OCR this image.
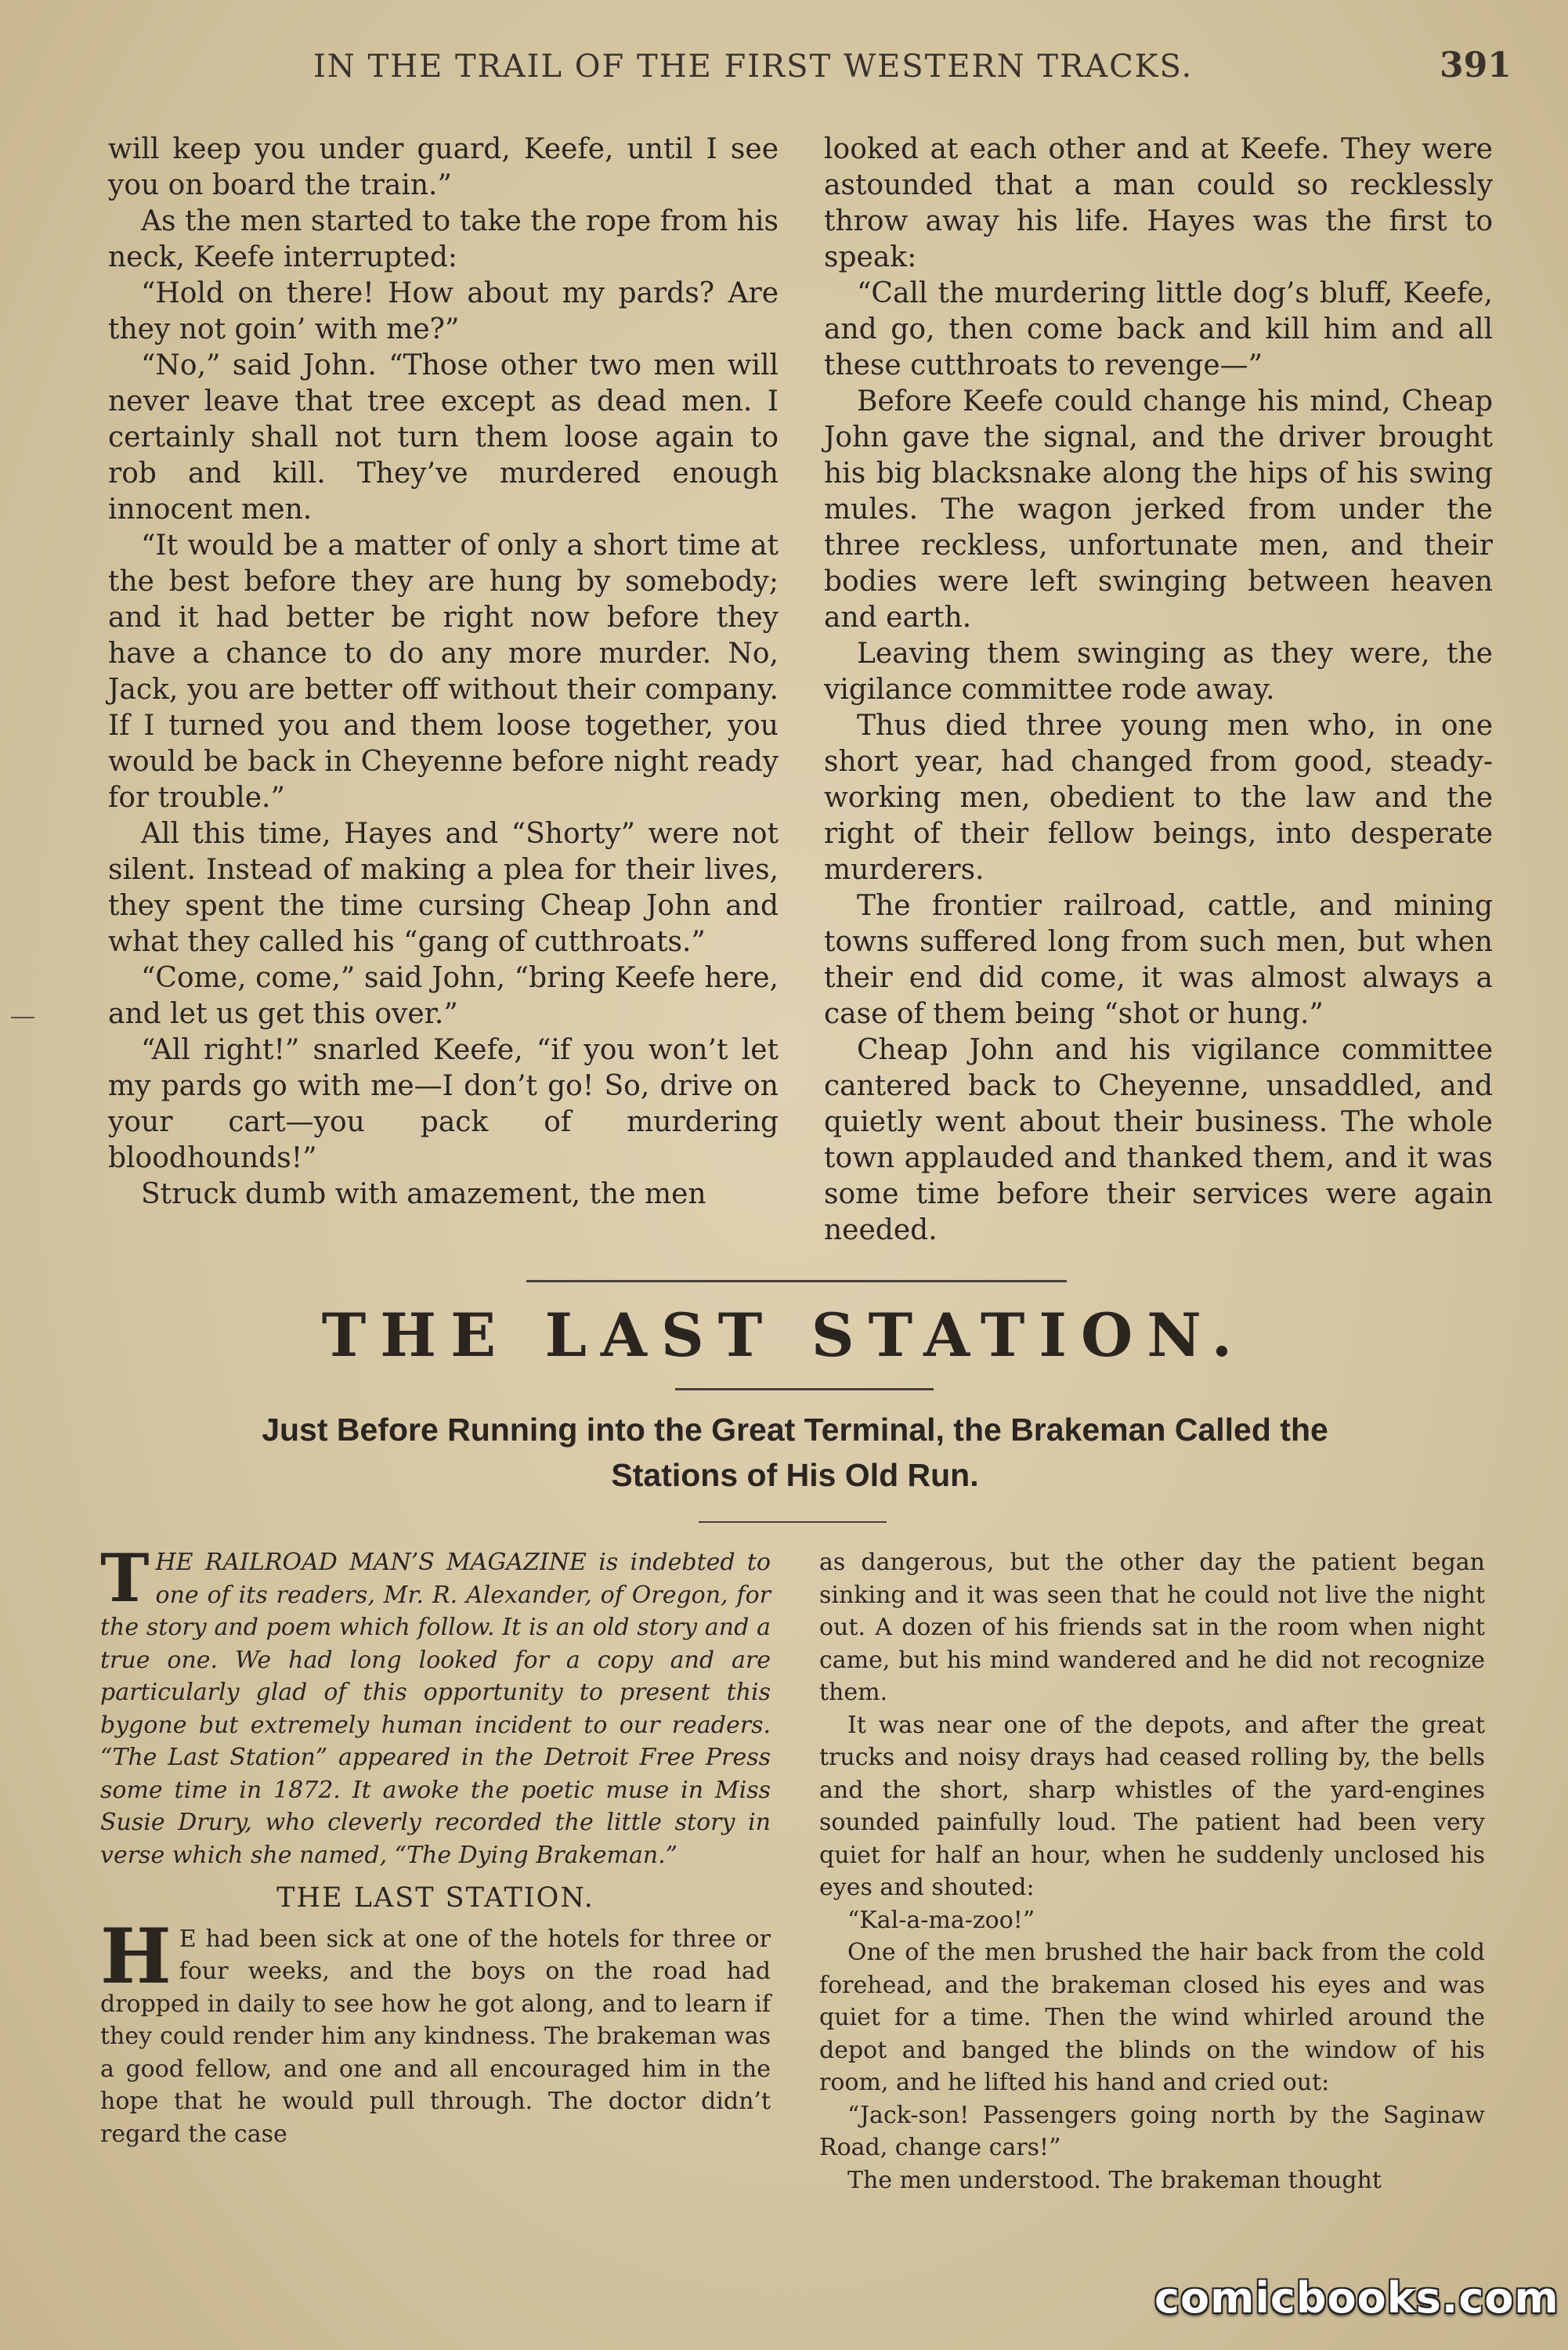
IN THE TRAIL OF THE FIRST WESTERN TRACKS.	391

will keep you under guard, Keefe, until I see you on board the train.”

As the men started to take the rope from his neck, Keefe interrupted:

“Hold on there! How about my pards? Are they not goin’ with me?”

“No,” said John. “Those other two men will never leave that tree except as dead men. I certainly shall not turn them loose again to rob and kill. They’ve murdered enough innocent men.

“It would be a matter of only a short time at the best before they are hung by somebody; and it had better be right now before they have a chance to do any more murder. No, Jack, you are better off without their company. If I turned you and them loose together, you would be back in Cheyenne before night ready for trouble.”

All this time, Hayes and “Shorty” were not silent. Instead of making a plea for their lives, they spent the time cursing Cheap John and what they called his “gang of cutthroats.”

“Come, come,” said John, “bring Keefe here, and let us get this over.”

“All right!” snarled Keefe, “if you won’t let my pards go with me—I don’t go! So, drive on your cart—you pack of murdering bloodhounds!”

Struck dumb with amazement, the men

looked at each other and at Keefe. They were astounded that a man could so recklessly throw away his life. Hayes was the first to speak:

“Call the murdering little dog’s bluff, Keefe, and go, then come back and kill him and all these cutthroats to revenge—”

Before Keefe could change his mind, Cheap John gave the signal, and the driver brought his big blacksnake along the hips of his swing mules. The wagon jerked from under the three reckless, unfortunate men, and their bodies were left swinging between heaven and earth.

Leaving them swinging as they were, the vigilance committee rode away.

Thus died three young men who, in one short year, had changed from good, steady-working men, obedient to the law and the right of their fellow beings, into desperate murderers.

The frontier railroad, cattle, and mining towns suffered long from such men, but when their end did come, it was almost always a case of them being “shot or hung.”

Cheap John and his vigilance committee cantered back to Cheyenne, unsaddled, and quietly went about their business. The whole town applauded and thanked them, and it was some time before their services were again needed.

THE LAST STATION.
Just Before Running into the Great Terminal, the Brakeman Called the
Stations of His Old Run.

THE RAILROAD MAN’S MAGAZINE is indebted to one of its readers, Mr. R. Alexander, of Oregon, for the story and poem which follow. It is an old story and a true one. We had long looked for a copy and are particularly glad of this opportunity to present this bygone but extremely human incident to our readers. “The Last Station” appeared in the Detroit Free Press some time in 1872. It awoke the poetic muse in Miss Susie Drury, who cleverly recorded the little story in verse which she named, “The Dying Brakeman.”

THE LAST STATION.

H E had been sick at one of the hotels for three or four weeks, and the boys on the road had dropped in daily to see how he got along, and to learn if they could render him any kindness. The brakeman was a good fellow, and one and all encouraged him in the hope that he would pull through. The doctor didn’t regard the case

as dangerous, but the other day the patient began sinking and it was seen that he could not live the night out. A dozen of his friends sat in the room when night came, but his mind wandered and he did not recognize them.

It was near one of the depots, and after the great trucks and noisy drays had ceased rolling by, the bells and the short, sharp whistles of the yard-engines sounded painfully loud. The patient had been very quiet for half an hour, when he suddenly unclosed his eyes and shouted:

“Kal-a-ma-zoo!”

One of the men brushed the hair back from the cold forehead, and the brakeman closed his eyes and was quiet for a time. Then the wind whirled around the depot and banged the blinds on the window of his room, and he lifted his hand and cried out:

“Jack-son! Passengers going north by the Saginaw Road, change cars!”

The men understood. The brakeman thought

comicbooks.com
